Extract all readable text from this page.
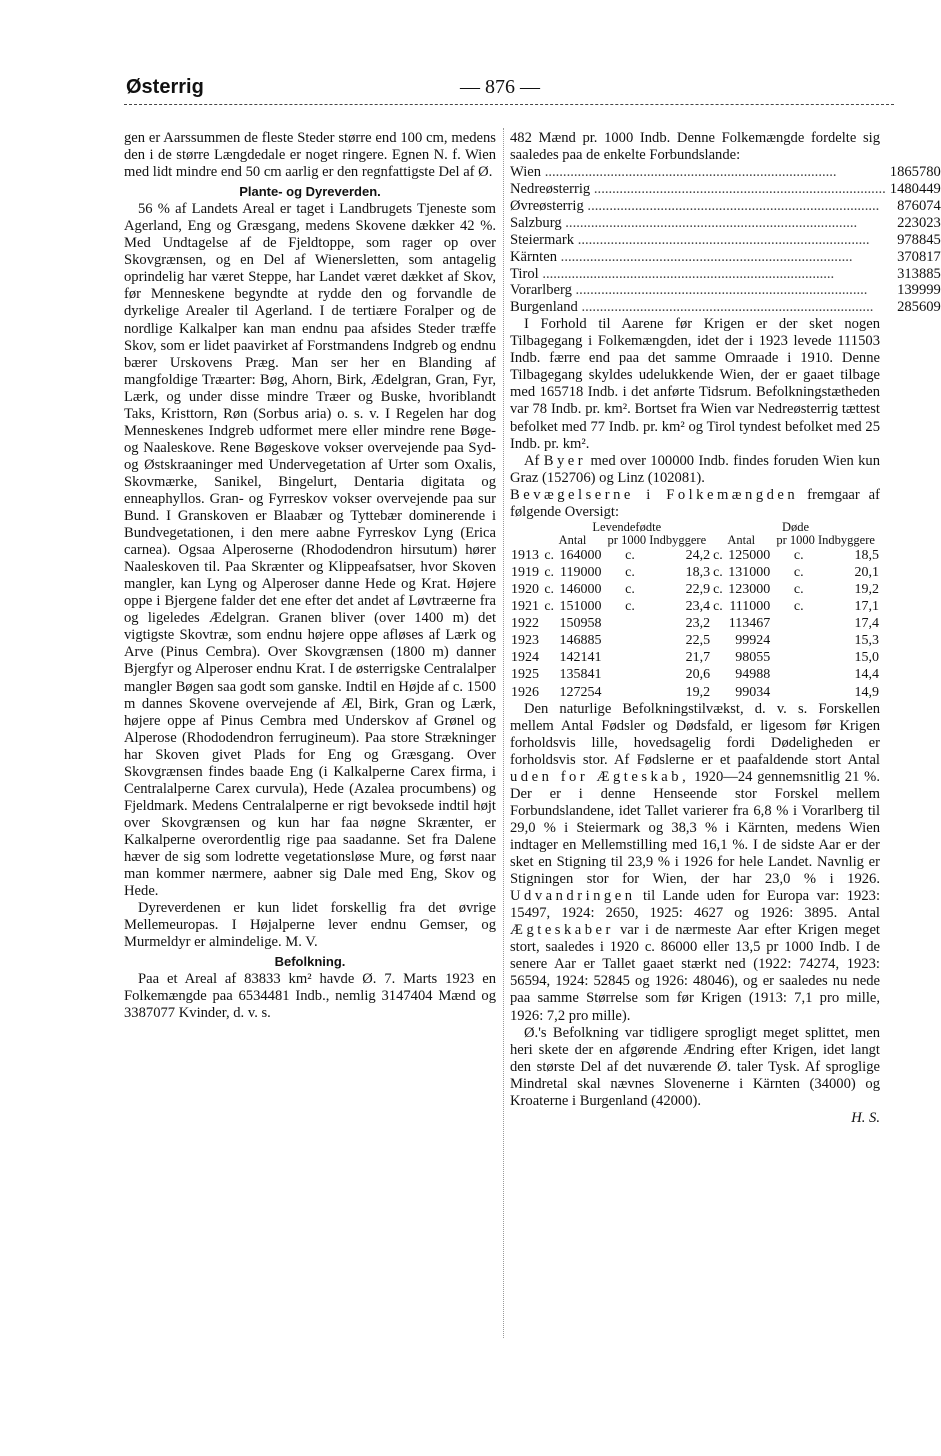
Østerrig	— 876 —

gen er Aarssummen de fleste Steder større end 100 cm, medens den i de større Længdedale er noget ringere. Egnen N. f. Wien med lidt mindre end 50 cm aarlig er den regnfattigste Del af Ø.

Plante- og Dyreverden.

56 % af Landets Areal er taget i Landbrugets Tjeneste som Agerland, Eng og Græsgang, medens Skovene dækker 42 %. Med Undtagelse af de Fjeldtoppe, som rager op over Skovgrænsen, og en Del af Wienersletten, som antagelig oprindelig har været Steppe, har Landet været dækket af Skov, før Menneskene begyndte at rydde den og forvandle de dyrkelige Arealer til Agerland. I de tertiære Foralper og de nordlige Kalkalper kan man endnu paa afsides Steder træffe Skov, som er lidet paavirket af Forstmandens Indgreb og endnu bærer Urskovens Præg. Man ser her en Blanding af mangfoldige Træarter: Bøg, Ahorn, Birk, Ædelgran, Gran, Fyr, Lærk, og under disse mindre Træer og Buske, hvoriblandt Taks, Kristtorn, Røn (Sorbus aria) o. s. v. I Regelen har dog Menneskenes Indgreb udformet mere eller mindre rene Bøge- og Naaleskove. Rene Bøgeskove vokser overvejende paa Syd- og Østskraaninger med Undervegetation af Urter som Oxalis, Skovmærke, Sanikel, Bingelurt, Dentaria digitata og enneaphyllos. Gran- og Fyrreskov vokser overvejende paa sur Bund. I Granskoven er Blaabær og Tyttebær dominerende i Bundvegetationen, i den mere aabne Fyrreskov Lyng (Erica carnea). Ogsaa Alperoserne (Rhododendron hirsutum) hører Naaleskoven til. Paa Skrænter og Klippeafsatser, hvor Skoven mangler, kan Lyng og Alperoser danne Hede og Krat. Højere oppe i Bjergene falder det ene efter det andet af Løvtræerne fra og ligeledes Ædelgran. Granen bliver (over 1400 m) det vigtigste Skovtræ, som endnu højere oppe afløses af Lærk og Arve (Pinus Cembra). Over Skovgrænsen (1800 m) danner Bjergfyr og Alperoser endnu Krat. I de østerrigske Centralalper mangler Bøgen saa godt som ganske. Indtil en Højde af c. 1500 m dannes Skovene overvejende af Æl, Birk, Gran og Lærk, højere oppe af Pinus Cembra med Underskov af Grønel og Alperose (Rhododendron ferrugineum). Paa store Strækninger har Skoven givet Plads for Eng og Græsgang. Over Skovgrænsen findes baade Eng (i Kalkalperne Carex firma, i Centralalperne Carex curvula), Hede (Azalea procumbens) og Fjeldmark. Medens Centralalperne er rigt bevoksede indtil højt over Skovgrænsen og kun har faa nøgne Skrænter, er Kalkalperne overordentlig rige paa saadanne. Set fra Dalene hæver de sig som lodrette vegetationsløse Mure, og først naar man kommer nærmere, aabner sig Dale med Eng, Skov og Hede.

Dyreverdenen er kun lidet forskellig fra det øvrige Mellemeuropas. I Højalperne lever endnu Gemser, og Murmeldyr er almindelige. M. V.

Befolkning.

Paa et Areal af 83833 km² havde Ø. 7. Marts 1923 en Folkemængde paa 6534481 Indb., nemlig 3147404 Mænd og 3387077 Kvinder, d. v. s.

482 Mænd pr. 1000 Indb. Denne Folkemængde fordelte sig saaledes paa de enkelte Forbundslande:

Wien ................................................................................	1865780
Nedreøsterrig ................................................................................	1480449
Øvreøsterrig ................................................................................	876074
Salzburg ................................................................................	223023
Steiermark ................................................................................	978845
Kärnten ................................................................................	370817
Tirol ................................................................................	313885
Vorarlberg ................................................................................	139999
Burgenland ................................................................................	285609

I Forhold til Aarene før Krigen er der sket nogen Tilbagegang i Folkemængden, idet der i 1923 levede 111503 Indb. færre end paa det samme Omraade i 1910. Denne Tilbagegang skyldes udelukkende Wien, der er gaaet tilbage med 165718 Indb. i det anførte Tidsrum. Befolkningstætheden var 78 Indb. pr. km². Bortset fra Wien var Nedreøsterrig tættest befolket med 77 Indb. pr. km² og Tirol tyndest befolket med 25 Indb. pr. km².

Af Byer med over 100000 Indb. findes foruden Wien kun Graz (152706) og Linz (102081).

Bevægelserne i Folkemængden fremgaar af følgende Oversigt:

	Levendefødte				Døde			
	Antal		pr 1000 Indbyggere		Antal		pr 1000 Indbyggere	
1913	c.	164000	c.	24,2	c.	125000	c.	18,5
1919	c.	119000	c.	18,3	c.	131000	c.	20,1
1920	c.	146000	c.	22,9	c.	123000	c.	19,2
1921	c.	151000	c.	23,4	c.	111000	c.	17,1
1922		150958		23,2		113467		17,4
1923		146885		22,5		99924		15,3
1924		142141		21,7		98055		15,0
1925		135841		20,6		94988		14,4
1926		127254		19,2		99034		14,9

Den naturlige Befolkningstilvækst, d. v. s. Forskellen mellem Antal Fødsler og Dødsfald, er ligesom før Krigen forholdsvis lille, hovedsagelig fordi Dødeligheden er forholdsvis stor. Af Fødslerne er et paafaldende stort Antal uden for Ægteskab, 1920—24 gennemsnitlig 21 %. Der er i denne Henseende stor Forskel mellem Forbundslandene, idet Tallet varierer fra 6,8 % i Vorarlberg til 29,0 % i Steiermark og 38,3 % i Kärnten, medens Wien indtager en Mellemstilling med 16,1 %. I de sidste Aar er der sket en Stigning til 23,9 % i 1926 for hele Landet. Navnlig er Stigningen stor for Wien, der har 23,0 % i 1926. Udvandringen til Lande uden for Europa var: 1923: 15497, 1924: 2650, 1925: 4627 og 1926: 3895. Antal Ægteskaber var i de nærmeste Aar efter Krigen meget stort, saaledes i 1920 c. 86000 eller 13,5 pr 1000 Indb. I de senere Aar er Tallet gaaet stærkt ned (1922: 74274, 1923: 56594, 1924: 52845 og 1926: 48046), og er saaledes nu nede paa samme Størrelse som før Krigen (1913: 7,1 pro mille, 1926: 7,2 pro mille).

Ø.'s Befolkning var tidligere sprogligt meget splittet, men heri skete der en afgørende Ændring efter Krigen, idet langt den største Del af det nuværende Ø. taler Tysk. Af sproglige Mindretal skal nævnes Slovenerne i Kärnten (34000) og Kroaterne i Burgenland (42000).

H. S.
